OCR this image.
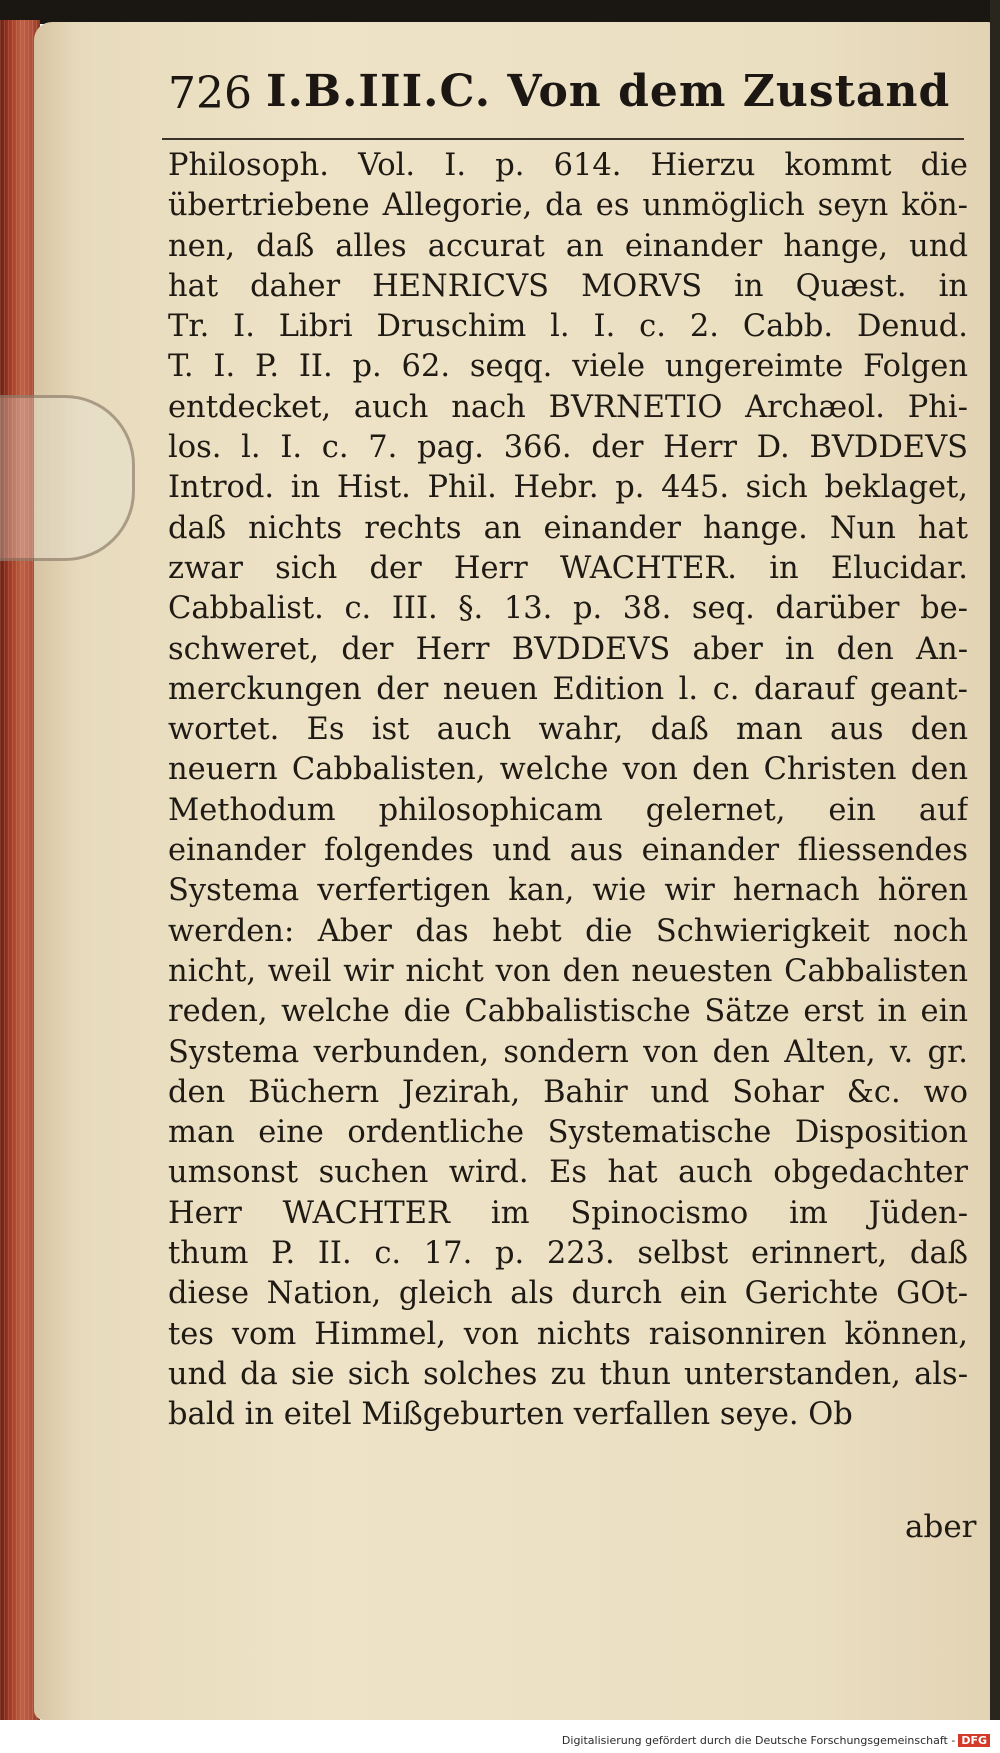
726 I.B.III.C. Von dem Zustand
Philosoph. Vol. I. p. 614. Hierzu kommt die
übertriebene Allegorie, da es unmöglich seyn kön-
nen, daß alles accurat an einander hange, und
hat daher HENRICVS MORVS in Quæst. in
Tr. I. Libri Druschim l. I. c. 2. Cabb. Denud.
T. I. P. II. p. 62. seqq. viele ungereimte Folgen
entdecket, auch nach BVRNETIO Archæol. Phi-
los. l. I. c. 7. pag. 366. der Herr D. BVDDEVS
Introd. in Hist. Phil. Hebr. p. 445. sich beklaget,
daß nichts rechts an einander hange. Nun hat
zwar sich der Herr WACHTER. in Elucidar.
Cabbalist. c. III. §. 13. p. 38. seq. darüber be-
schweret, der Herr BVDDEVS aber in den An-
merckungen der neuen Edition l. c. darauf geant-
wortet. Es ist auch wahr, daß man aus den
neuern Cabbalisten, welche von den Christen den
Methodum philosophicam gelernet, ein auf
einander folgendes und aus einander fliessendes
Systema verfertigen kan, wie wir hernach hören
werden: Aber das hebt die Schwierigkeit noch
nicht, weil wir nicht von den neuesten Cabbalisten
reden, welche die Cabbalistische Sätze erst in ein
Systema verbunden, sondern von den Alten, v. gr.
den Büchern Jezirah, Bahir und Sohar &c. wo
man eine ordentliche Systematische Disposition
umsonst suchen wird. Es hat auch obgedachter
Herr WACHTER im Spinocismo im Jüden-
thum P. II. c. 17. p. 223. selbst erinnert, daß
diese Nation, gleich als durch ein Gerichte GOt-
tes vom Himmel, von nichts raisonniren können,
und da sie sich solches zu thun unterstanden, als-
bald in eitel Mißgeburten verfallen seye. Ob
aber
Digitalisierung gefördert durch die Deutsche Forschungsgemeinschaft - DFG
